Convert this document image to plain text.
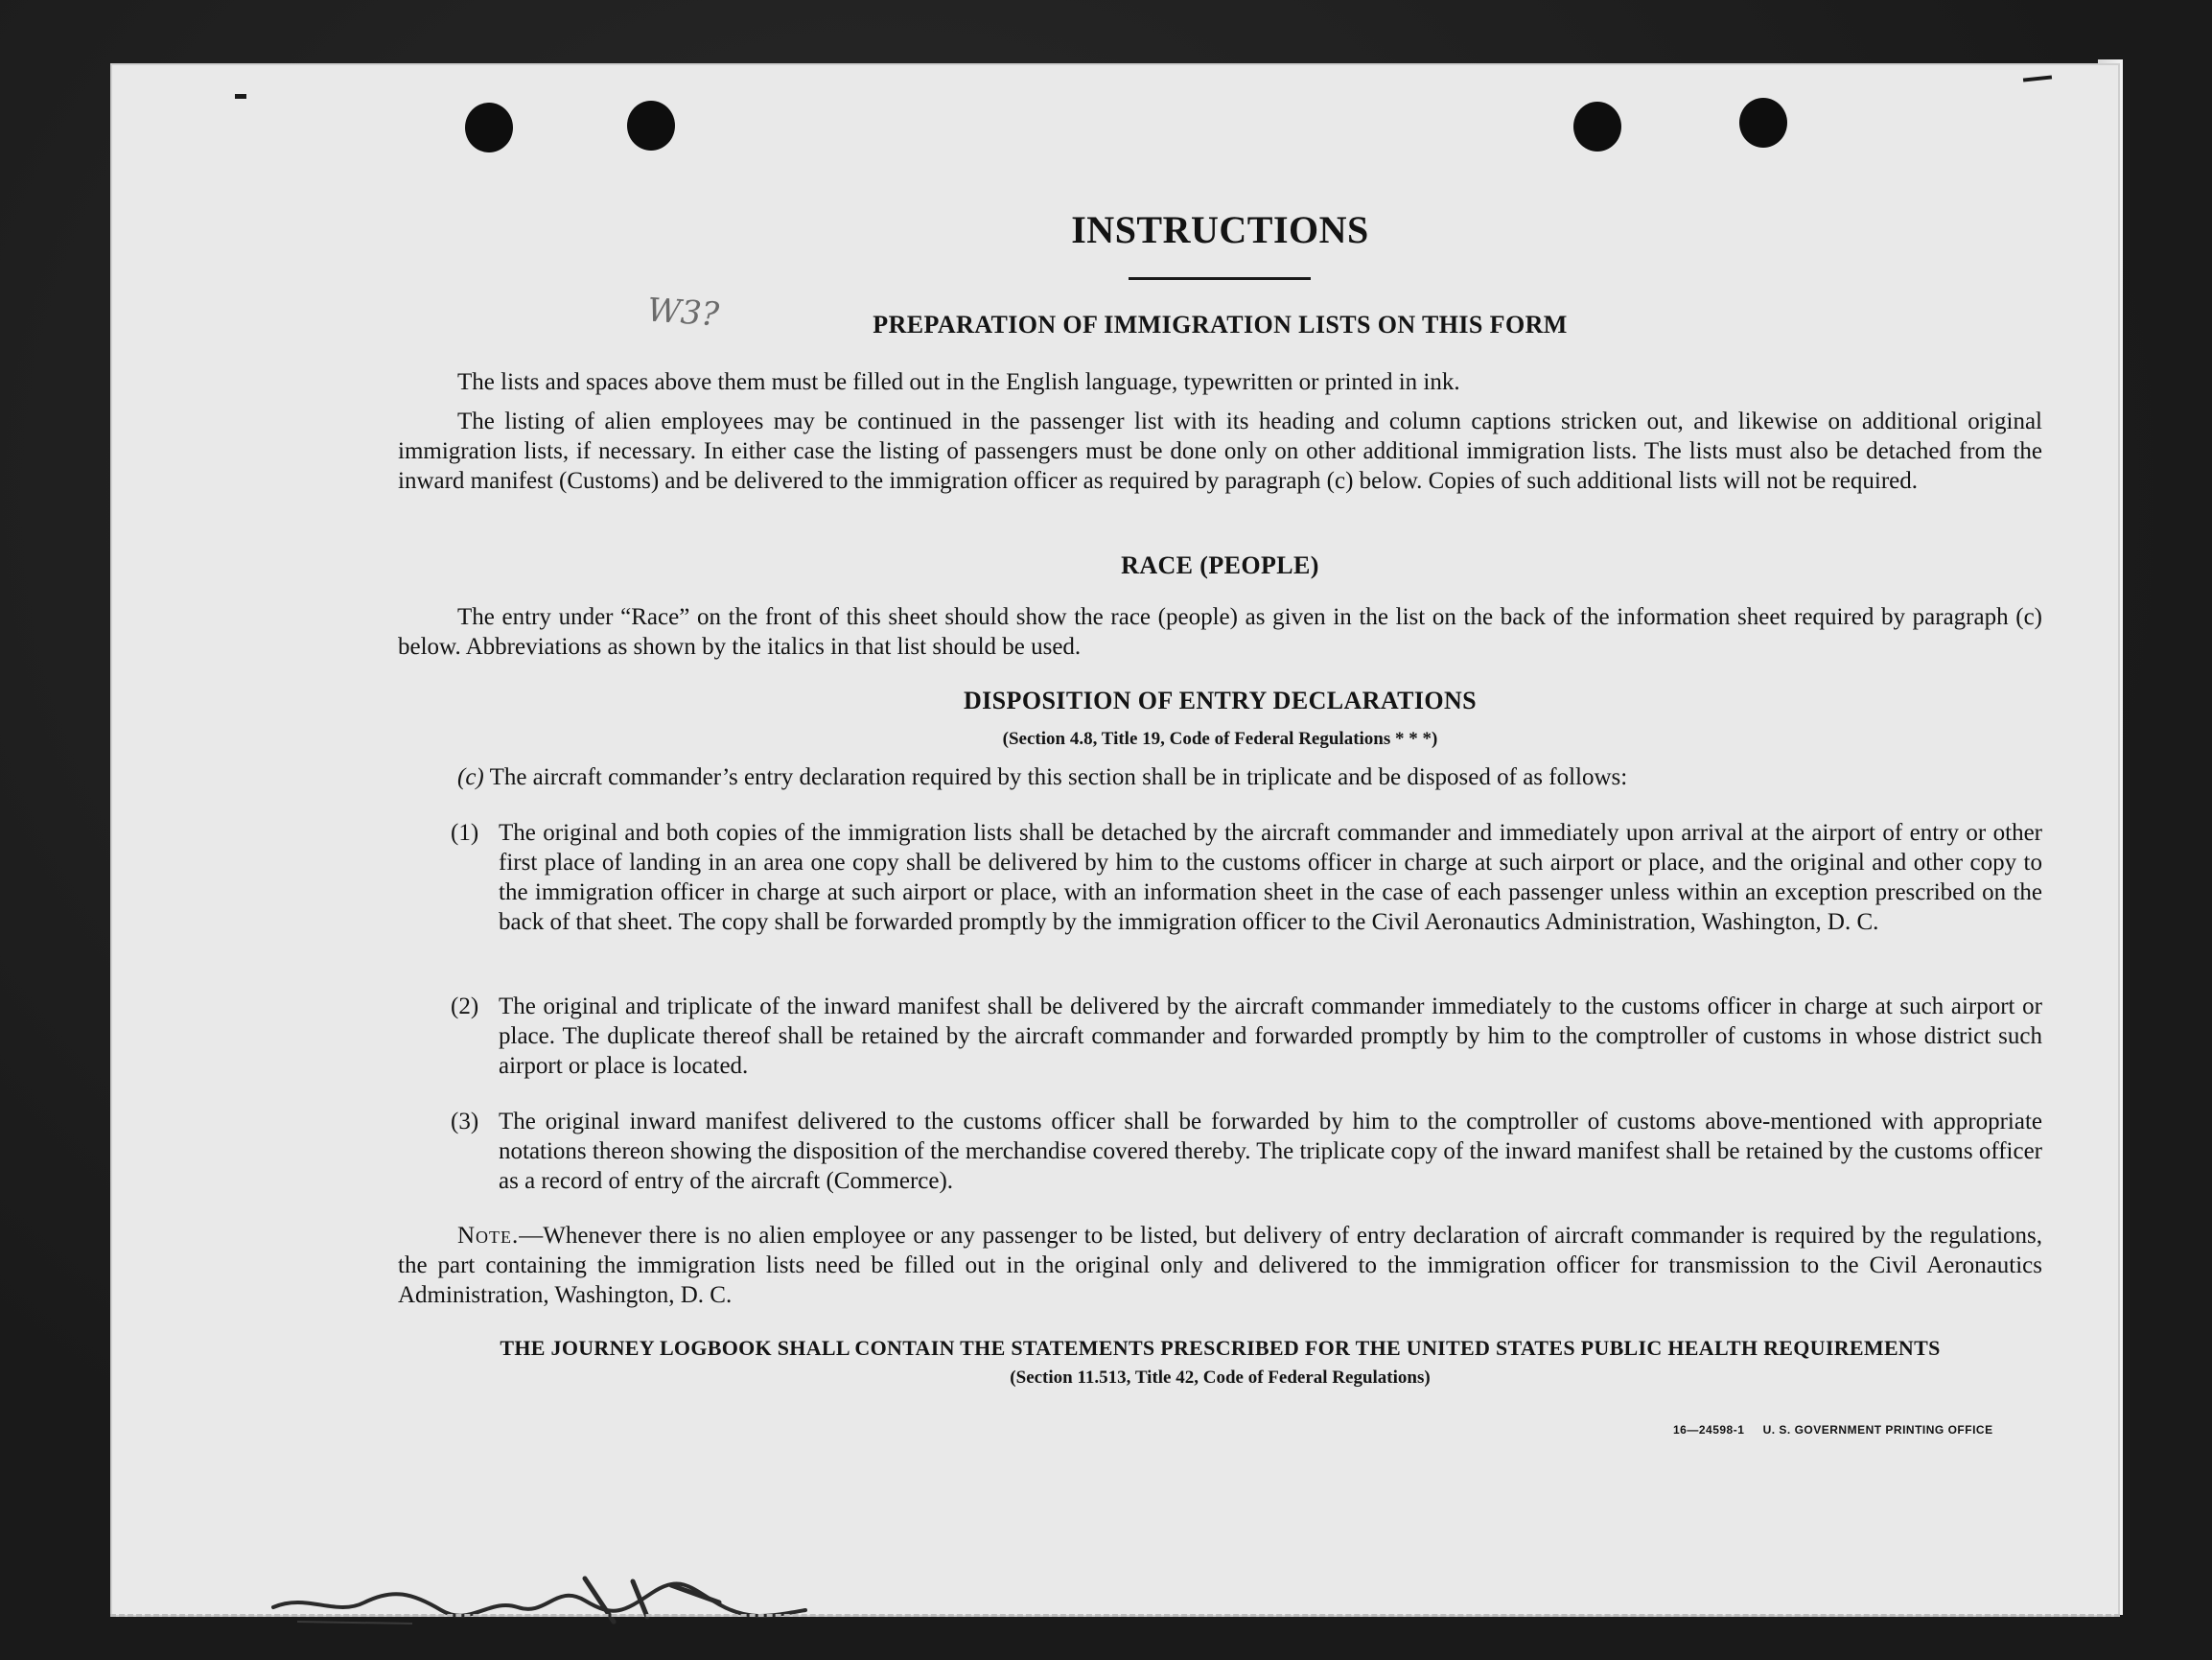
W3?
INSTRUCTIONS
PREPARATION OF IMMIGRATION LISTS ON THIS FORM
The lists and spaces above them must be filled out in the English language, typewritten or printed in ink.
The listing of alien employees may be continued in the passenger list with its heading and column captions stricken out, and likewise on additional original immigration lists, if necessary. In either case the listing of passengers must be done only on other additional immigration lists. The lists must also be detached from the inward manifest (Customs) and be delivered to the immigration officer as required by paragraph (c) below. Copies of such additional lists will not be required.
RACE (PEOPLE)
The entry under “Race” on the front of this sheet should show the race (people) as given in the list on the back of the information sheet required by paragraph (c) below. Abbreviations as shown by the italics in that list should be used.
DISPOSITION OF ENTRY DECLARATIONS
(Section 4.8, Title 19, Code of Federal Regulations * * *)
(c) The aircraft commander’s entry declaration required by this section shall be in triplicate and be disposed of as follows:
(1) The original and both copies of the immigration lists shall be detached by the aircraft commander and immediately upon arrival at the airport of entry or other first place of landing in an area one copy shall be delivered by him to the customs officer in charge at such airport or place, and the original and other copy to the immigration officer in charge at such airport or place, with an information sheet in the case of each passenger unless within an exception prescribed on the back of that sheet. The copy shall be forwarded promptly by the immigration officer to the Civil Aeronautics Administration, Washington, D. C.
(2) The original and triplicate of the inward manifest shall be delivered by the aircraft commander immediately to the customs officer in charge at such airport or place. The duplicate thereof shall be retained by the aircraft commander and forwarded promptly by him to the comptroller of customs in whose district such airport or place is located.
(3) The original inward manifest delivered to the customs officer shall be forwarded by him to the comptroller of customs above-mentioned with appropriate notations thereon showing the disposition of the merchandise covered thereby. The triplicate copy of the inward manifest shall be retained by the customs officer as a record of entry of the aircraft (Commerce).
Note.—Whenever there is no alien employee or any passenger to be listed, but delivery of entry declaration of aircraft commander is required by the regulations, the part containing the immigration lists need be filled out in the original only and delivered to the immigration officer for transmission to the Civil Aeronautics Administration, Washington, D. C.
THE JOURNEY LOGBOOK SHALL CONTAIN THE STATEMENTS PRESCRIBED FOR THE UNITED STATES PUBLIC HEALTH REQUIREMENTS
(Section 11.513, Title 42, Code of Federal Regulations)
16—24598-1 U. S. GOVERNMENT PRINTING OFFICE
